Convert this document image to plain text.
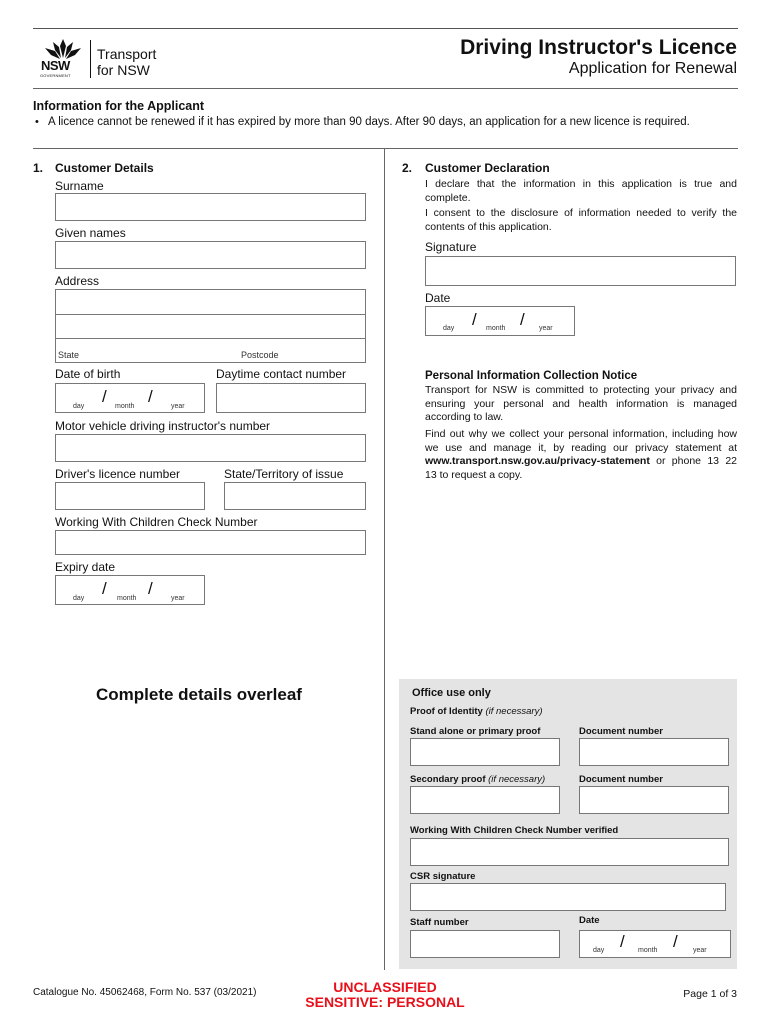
NSW
GOVERNMENT
Transport
for NSW
Driving Instructor's Licence
Application for Renewal
Information for the Applicant
• A licence cannot be renewed if it has expired by more than 90 days. After 90 days, an application for a new licence is required.
1. Customer Details
Surname
Given names
Address
State	Postcode
Date of birth	Daytime contact number
/ /
day	month	year
Motor vehicle driving instructor's number
Driver's licence number	State/Territory of issue
Working With Children Check Number
Expiry date
/ /
day	month	year
Complete details overleaf
2. Customer Declaration
I declare that the information in this application is true and complete.
I consent to the disclosure of information needed to verify the contents of this application.
Signature
Date
/	/
day	month	year
Personal Information Collection Notice
Transport for NSW is committed to protecting your privacy and ensuring your personal and health information is managed according to law.
Find out why we collect your personal information, including how we use and manage it, by reading our privacy statement at www.transport.nsw.gov.au/privacy-statement or phone 13 22 13 to request a copy.
Office use only
Proof of Identity (if necessary)
Stand alone or primary proof	Document number
Secondary proof (if necessary)	Document number
Working With Children Check Number verified
CSR signature
Staff number	Date
/	/
day	month	year
Catalogue No. 45062468, Form No. 537 (03/2021)	UNCLASSIFIED
SENSITIVE: PERSONAL	Page 1 of 3
